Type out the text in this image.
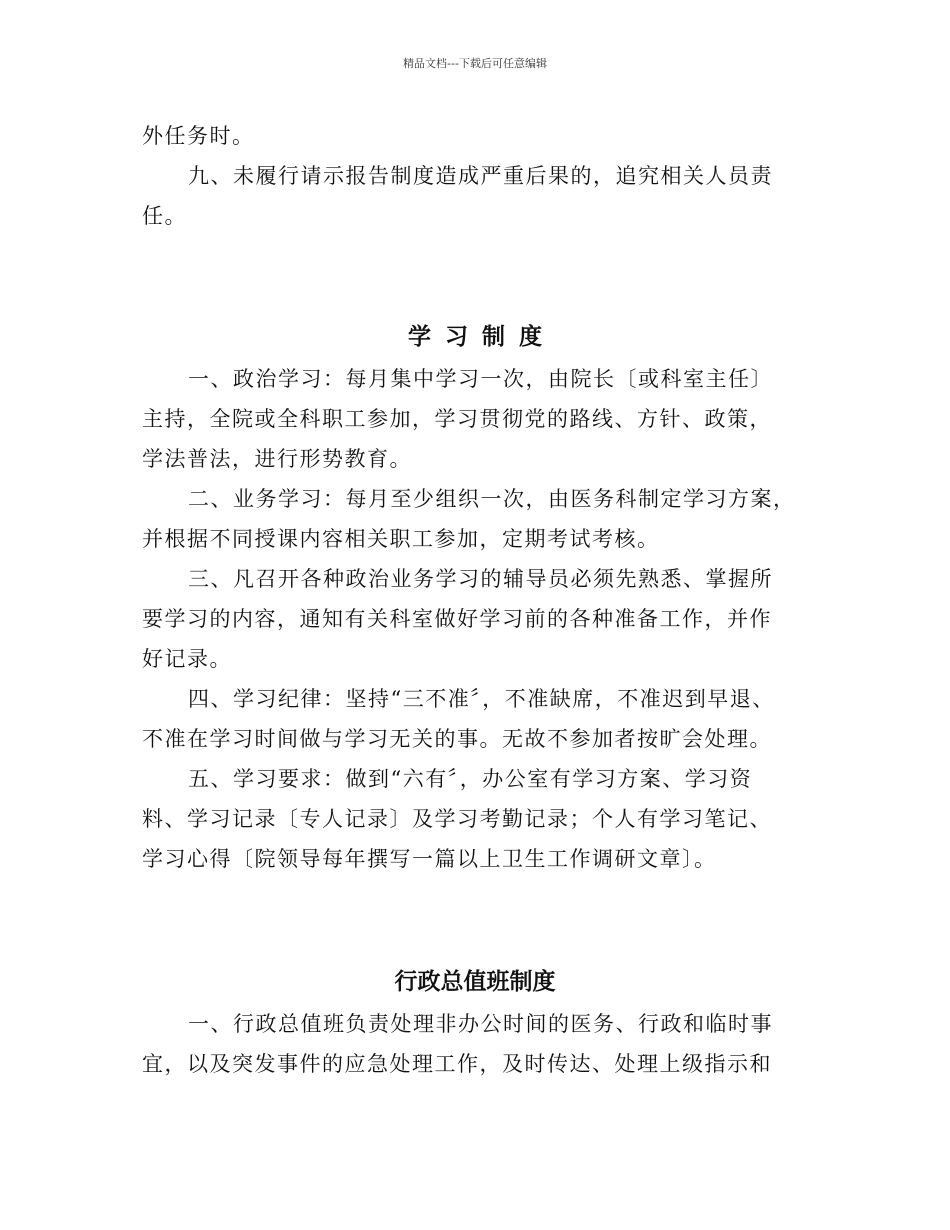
精品文档---下载后可任意编辑

外任务时。

九、未履行请示报告制度造成严重后果的，追究相关人员责

任。

学习制度

一、政治学习：每月集中学习一次，由院长〔或科室主任〕

主持，全院或全科职工参加，学习贯彻党的路线、方针、政策，

学法普法，进行形势教育。

二、业务学习：每月至少组织一次，由医务科制定学习方案，

并根据不同授课内容相关职工参加，定期考试考核。

三、凡召开各种政治业务学习的辅导员必须先熟悉、掌握所

要学习的内容，通知有关科室做好学习前的各种准备工作，并作

好记录。

四、学习纪律：坚持“三不准〞，不准缺席，不准迟到早退、

不准在学习时间做与学习无关的事。无故不参加者按旷会处理。

五、学习要求：做到“六有〞，办公室有学习方案、学习资

料、学习记录〔专人记录〕及学习考勤记录；个人有学习笔记、

学习心得〔院领导每年撰写一篇以上卫生工作调研文章〕。

行政总值班制度

一、行政总值班负责处理非办公时间的医务、行政和临时事

宜，以及突发事件的应急处理工作，及时传达、处理上级指示和
